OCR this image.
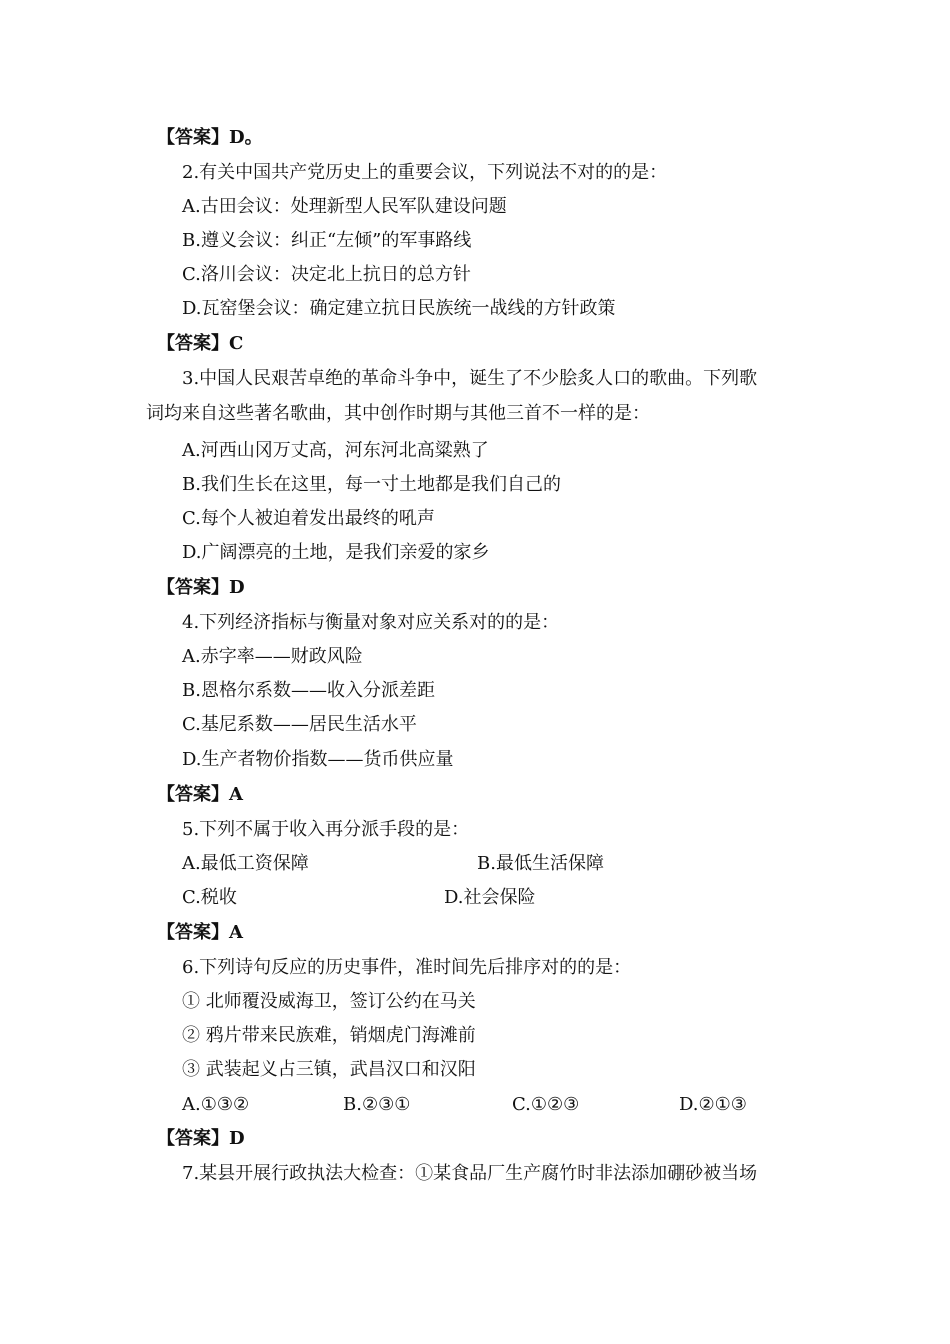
【答案】D。
2.有关中国共产党历史上的重要会议，下列说法不对的的是：
A.古田会议：处理新型人民军队建设问题
B.遵义会议：纠正“左倾”的军事路线
C.洛川会议：决定北上抗日的总方针
D.瓦窑堡会议：确定建立抗日民族统一战线的方针政策
【答案】C
3.中国人民艰苦卓绝的革命斗争中，诞生了不少脍炙人口的歌曲。下列歌
词均来自这些著名歌曲，其中创作时期与其他三首不一样的是：
A.河西山冈万丈高，河东河北高粱熟了
B.我们生长在这里，每一寸土地都是我们自己的
C.每个人被迫着发出最终的吼声
D.广阔漂亮的土地，是我们亲爱的家乡
【答案】D
4.下列经济指标与衡量对象对应关系对的的是：
A.赤字率——财政风险
B.恩格尔系数——收入分派差距
C.基尼系数——居民生活水平
D.生产者物价指数——货币供应量
【答案】A
5.下列不属于收入再分派手段的是：
A.最低工资保障	B.最低生活保障
C.税收	D.社会保险
【答案】A
6.下列诗句反应的历史事件，准时间先后排序对的的是：
① 北师覆没威海卫，签订公约在马关
② 鸦片带来民族难，销烟虎门海滩前
③ 武装起义占三镇，武昌汉口和汉阳
A.①③②	B.②③①	C.①②③	D.②①③
【答案】D
7.某县开展行政执法大检查：①某食品厂生产腐竹时非法添加硼砂被当场
